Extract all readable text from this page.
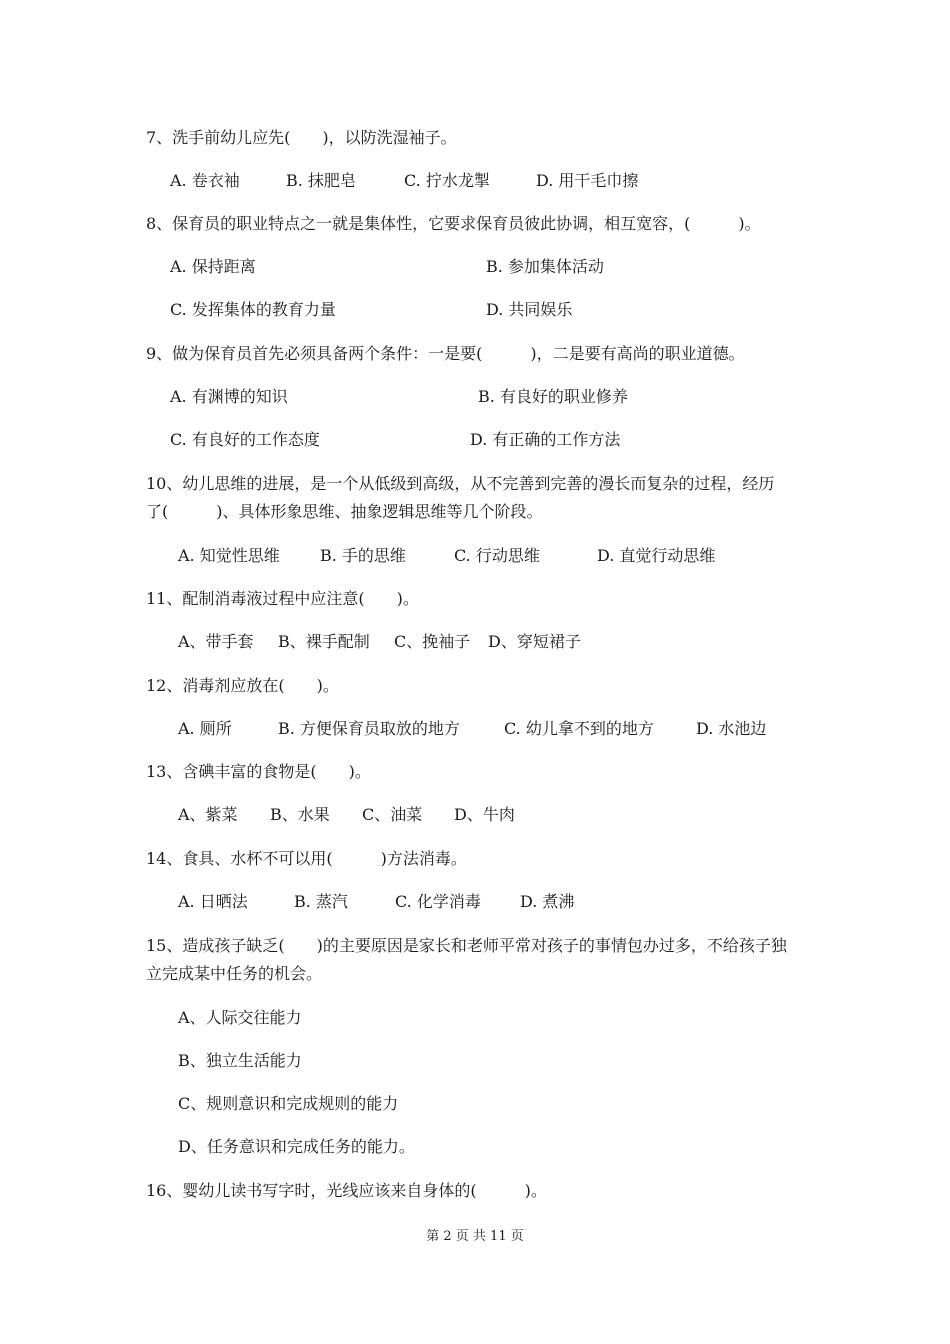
7、洗手前幼儿应先(　　)，以防洗湿袖子。
A. 卷衣袖	B. 抹肥皂	C. 拧水龙掣	D. 用干毛巾擦
8、保育员的职业特点之一就是集体性，它要求保育员彼此协调，相互宽容，(　　　)。
A. 保持距离	B. 参加集体活动
C. 发挥集体的教育力量	D. 共同娱乐
9、做为保育员首先必须具备两个条件：一是要(　　　)，二是要有高尚的职业道德。
A. 有渊博的知识	B. 有良好的职业修养
C. 有良好的工作态度	D. 有正确的工作方法
10、幼儿思维的进展，是一个从低级到高级，从不完善到完善的漫长而复杂的过程，经历
了(　　　)、具体形象思维、抽象逻辑思维等几个阶段。
A. 知觉性思维	B. 手的思维	C. 行动思维	D. 直觉行动思维
11、配制消毒液过程中应注意(　　)。
A、带手套 B、裸手配制 C、挽袖子 D、穿短裙子
12、消毒剂应放在(　　)。
A. 厕所	B. 方便保育员取放的地方	C. 幼儿拿不到的地方	D. 水池边
13、含碘丰富的食物是(　　)。
A、紫菜 B、水果 C、油菜 D、牛肉
14、食具、水杯不可以用(　　　)方法消毒。
A. 日晒法	B. 蒸汽	C. 化学消毒 D. 煮沸
15、造成孩子缺乏(　　)的主要原因是家长和老师平常对孩子的事情包办过多，不给孩子独
立完成某中任务的机会。
A、人际交往能力
B、独立生活能力
C、规则意识和完成规则的能力
D、任务意识和完成任务的能力。
16、婴幼儿读书写字时，光线应该来自身体的(　　　)。
第 2 页 共 11 页
